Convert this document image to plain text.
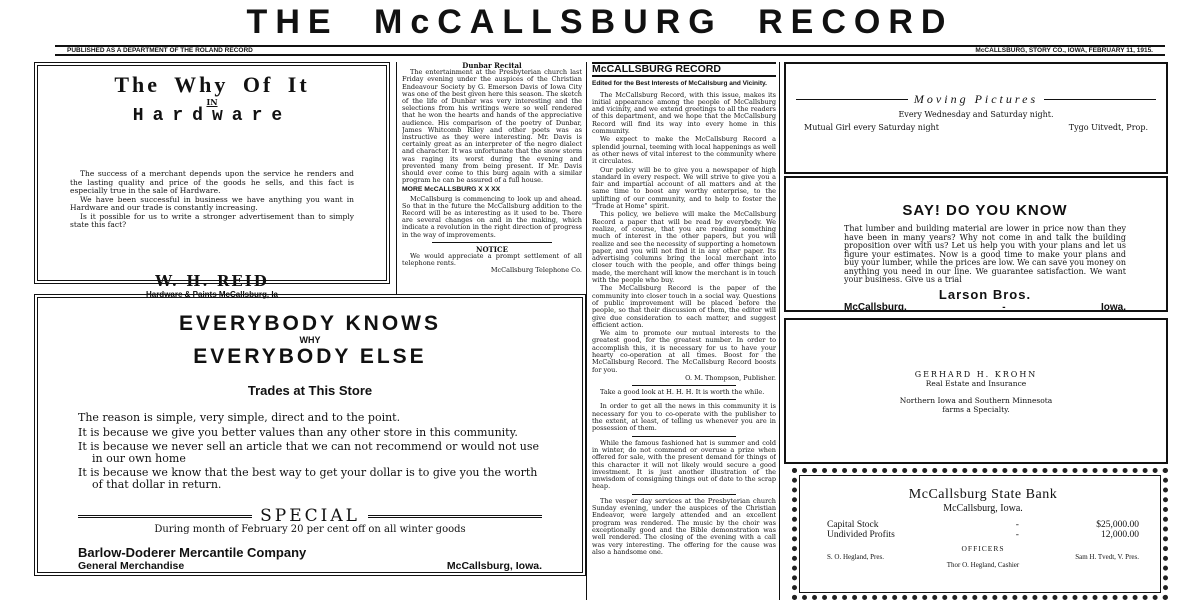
THE McCALLSBURG RECORD
PUBLISHED AS A DEPARTMENT OF THE ROLAND RECORD	McCALLSBURG, STORY CO., IOWA, FEBRUARY 11, 1915.
The Why Of It
IN
Hardware

The success of a merchant depends upon the service he renders and the lasting quality and price of the goods he sells, and this fact is especially true in the sale of Hardware.

We have been successful in business we have anything you want in Hardware and our trade is constantly increasing.

Is it possible for us to write a stronger advertisement than to simply state this fact?

W. H. REID
Hardware & Paints McCallsburg, Ia
Dunbar Recital

The entertainment at the Presbyterian church last Friday evening under the auspices of the Christian Endeavour Society by G. Emerson Davis of Iowa City was one of the best given here this season. The sketch of the life of Dunbar was very interesting and the selections from his writings were so well rendered that he won the hearts and hands of the appreciative audience. His comparison of the poetry of Dunbar, James Whitcomb Riley and other poets was as instructive as they were interesting. Mr. Davis is certainly great as an interpreter of the negro dialect and character. It was unfortunate that the snow storm was raging its worst during the evening and prevented many from being present. If Mr. Davis should ever come to this burg again with a similar program he can be assured of a full house.

MORE McCALLSBURG X X XX

McCallsburg is commencing to look up and ahead. So that in the future the McCallsburg addition to the Record will be as interesting as it used to be. There are several changes on and in the making, which indicate a revolution in the right direction of progress in the way of improvements.

NOTICE

We would appreciate a prompt settlement of all telephone rents.

McCallsburg Telephone Co.
McCALLSBURG RECORD
Edited for the Best Interests of McCallsburg and Vicinity.

The McCallsburg Record, with this issue, makes its initial appearance among the people of McCallsburg and vicinity, and we extend greetings to all the readers of this department, and we hope that the McCallsburg Record will find its way into every home in this community.

We expect to make the McCallsburg Record a splendid journal, teeming with local happenings as well as other news of vital interest to the community where it circulates.

Our policy will be to give you a newspaper of high standard in every respect. We will strive to give you a fair and impartial account of all matters and at the same time to boost any worthy enterprise, to the uplifting of our community, and to help to foster the "Trade at Home" spirit.

This policy, we believe will make the McCallsburg Record a paper that will be read by everybody. We realize, of course, that you are reading something much of interest in the other papers, but you will realize and see the necessity of supporting a hometown paper, and you will not find it in any other paper. Its advertising columns bring the local merchant into closer touch with the people, and offer things being made, the merchant will know the merchant is in touch with the people who buy.

The McCallsburg Record is the paper of the community into closer touch in a social way. Questions of public improvement will be placed before the people, so that their discussion of them, the editor will give due consideration to each matter, and suggest efficient action.

We aim to promote our mutual interests to the greatest good, for the greatest number. In order to accomplish this, it is necessary for us to have your hearty co-operation at all times. Boost for the McCallsburg Record. The McCallsburg Record boosts for you.

O. M. Thompson, Publisher.

Take a good look at H. H. H. It is worth the while.

In order to get all the news in this community it is necessary for you to co-operate with the publisher to the extent, at least, of telling us whenever you are in possession of them.

While the famous fashioned hat is summer and cold in winter, do not commend or overuse a prize when offered for sale, with the present demand for things of this character it will not likely would secure a good investment. It is just another illustration of the unwisdom of consigning things out of date to the scrap heap.

The vesper day services at the Presbyterian church Sunday evening, under the auspices of the Christian Endeavor, were largely attended and an excellent program was rendered. The music by the choir was exceptionally good and the Bible demonstration was well rendered. The closing of the evening with a call was very interesting. The offering for the cause was also a handsome one.

EVERYBODY KNOWS
WHY
EVERYBODY ELSE
Trades at This Store
The reason is simple, very simple, direct and to the point.
It is because we give you better values than any other store in this community.
It is because we never sell an article that we can not recommend or would not use in our own home
It is because we know that the best way to get your dollar is to give you the worth of that dollar in return.
SPECIAL
During month of February 20 per cent off on all winter goods
Barlow-Doderer Mercantile Company
General Merchandise	McCallsburg, Iowa.
Moving Pictures
Every Wednesday and Saturday night.
Mutual Girl every Saturday night	Tygo Uitvedt, Prop.
SAY! DO YOU KNOW
That lumber and building material are lower in price now than they have been in many years? Why not come in and talk the building proposition over with us? Let us help you with your plans and let us figure your estimates. Now is a good time to make your plans and buy your lumber, while the prices are low. We can save you money on anything you need in our line. We guarantee satisfaction. We want your business. Give us a trial
Larson Bros.
McCallsburg.	-	Iowa.
GERHARD H. KROHN
Real Estate and Insurance
Northern Iowa and Southern Minnesota
farms a Specialty.
McCallsburg State Bank
McCallsburg, Iowa.
Capital Stock	-	$25,000.00
Undivided Profits	-	12,000.00
OFFICERS
S. O. Hegland, Pres.	Sam H. Tvedt, V. Pres.
Thor O. Hegland, Cashier
